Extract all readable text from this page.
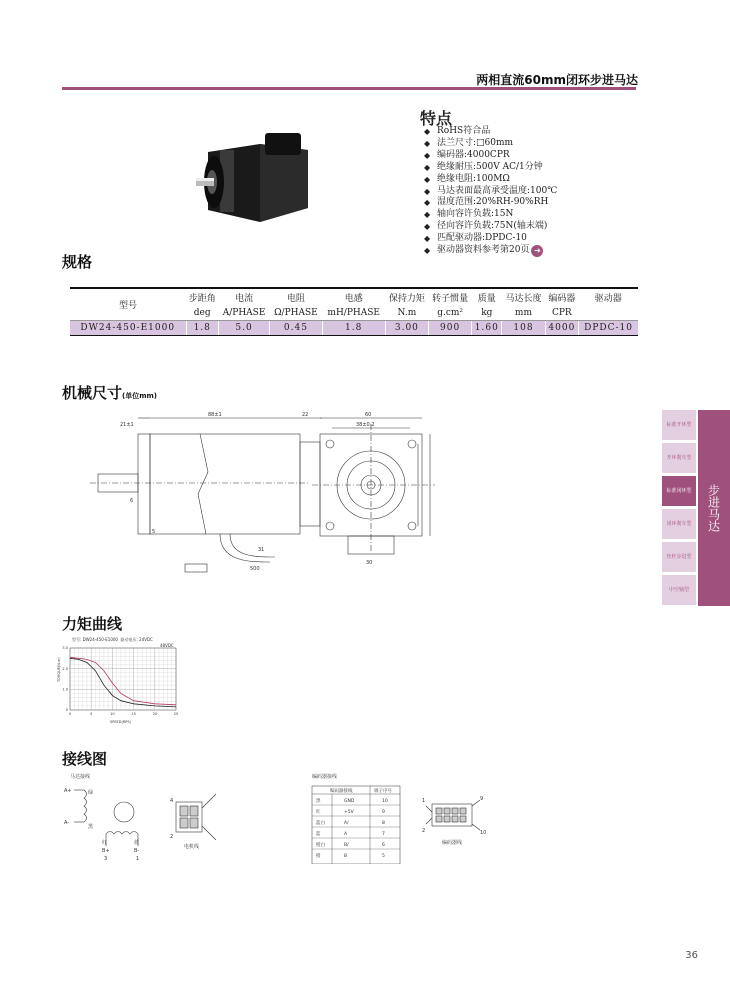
两相直流60mm闭环步进马达
特点
◆ RoHS符合品
◆ 法兰尺寸:□60mm
◆ 编码器:4000CPR
◆ 绝缘耐压:500V AC/1分钟
◆ 绝缘电阻:100MΩ
◆ 马达表面最高承受温度:100℃
◆ 湿度范围:20%RH-90%RH
◆ 轴向容许负载:15N
◆ 径向容许负载:75N(轴末端)
◆ 匹配驱动器:DPDC-10
◆ 驱动器资料参考第20页 ➜
规格
型号	步距角	电流	电阻	电感	保持力矩	转子惯量	质量	马达长度	编码器	驱动器
	deg	A/PHASE	Ω/PHASE	mH/PHASE	N.m	g.cm²	kg	mm	CPR	
DW24-450-E1000	1.8	5.0	0.45	1.8	3.00	900	1.60	108	4000	DPDC-10
机械尺寸(单位mm)
21±1
88±1	22	60
38±0.2
500
31
30
5
6
力矩曲线
型号: DW24-450-E1000 驱动电压: 24VDC
48VDC
3.0
2.0
1.0
0
0	5	10	15	20	25
TORQUE(N.m)
SPEED(RPS)
接线图
马达接线
A+	绿
A-
黑
红	蓝
B+	B-
3	1
4
2
电机线
编码器接线
编码器接线	端子序号
黑	GND	10
红	+5V	9
蓝白	A/	8
蓝	A	7
橙白	B/	6
橙	B	5
1	9
2	10
编码器线
标准开环型
开环刹车型
标准闭环型
闭环刹车型
丝杆步进型
中空轴型
步进马达
36
